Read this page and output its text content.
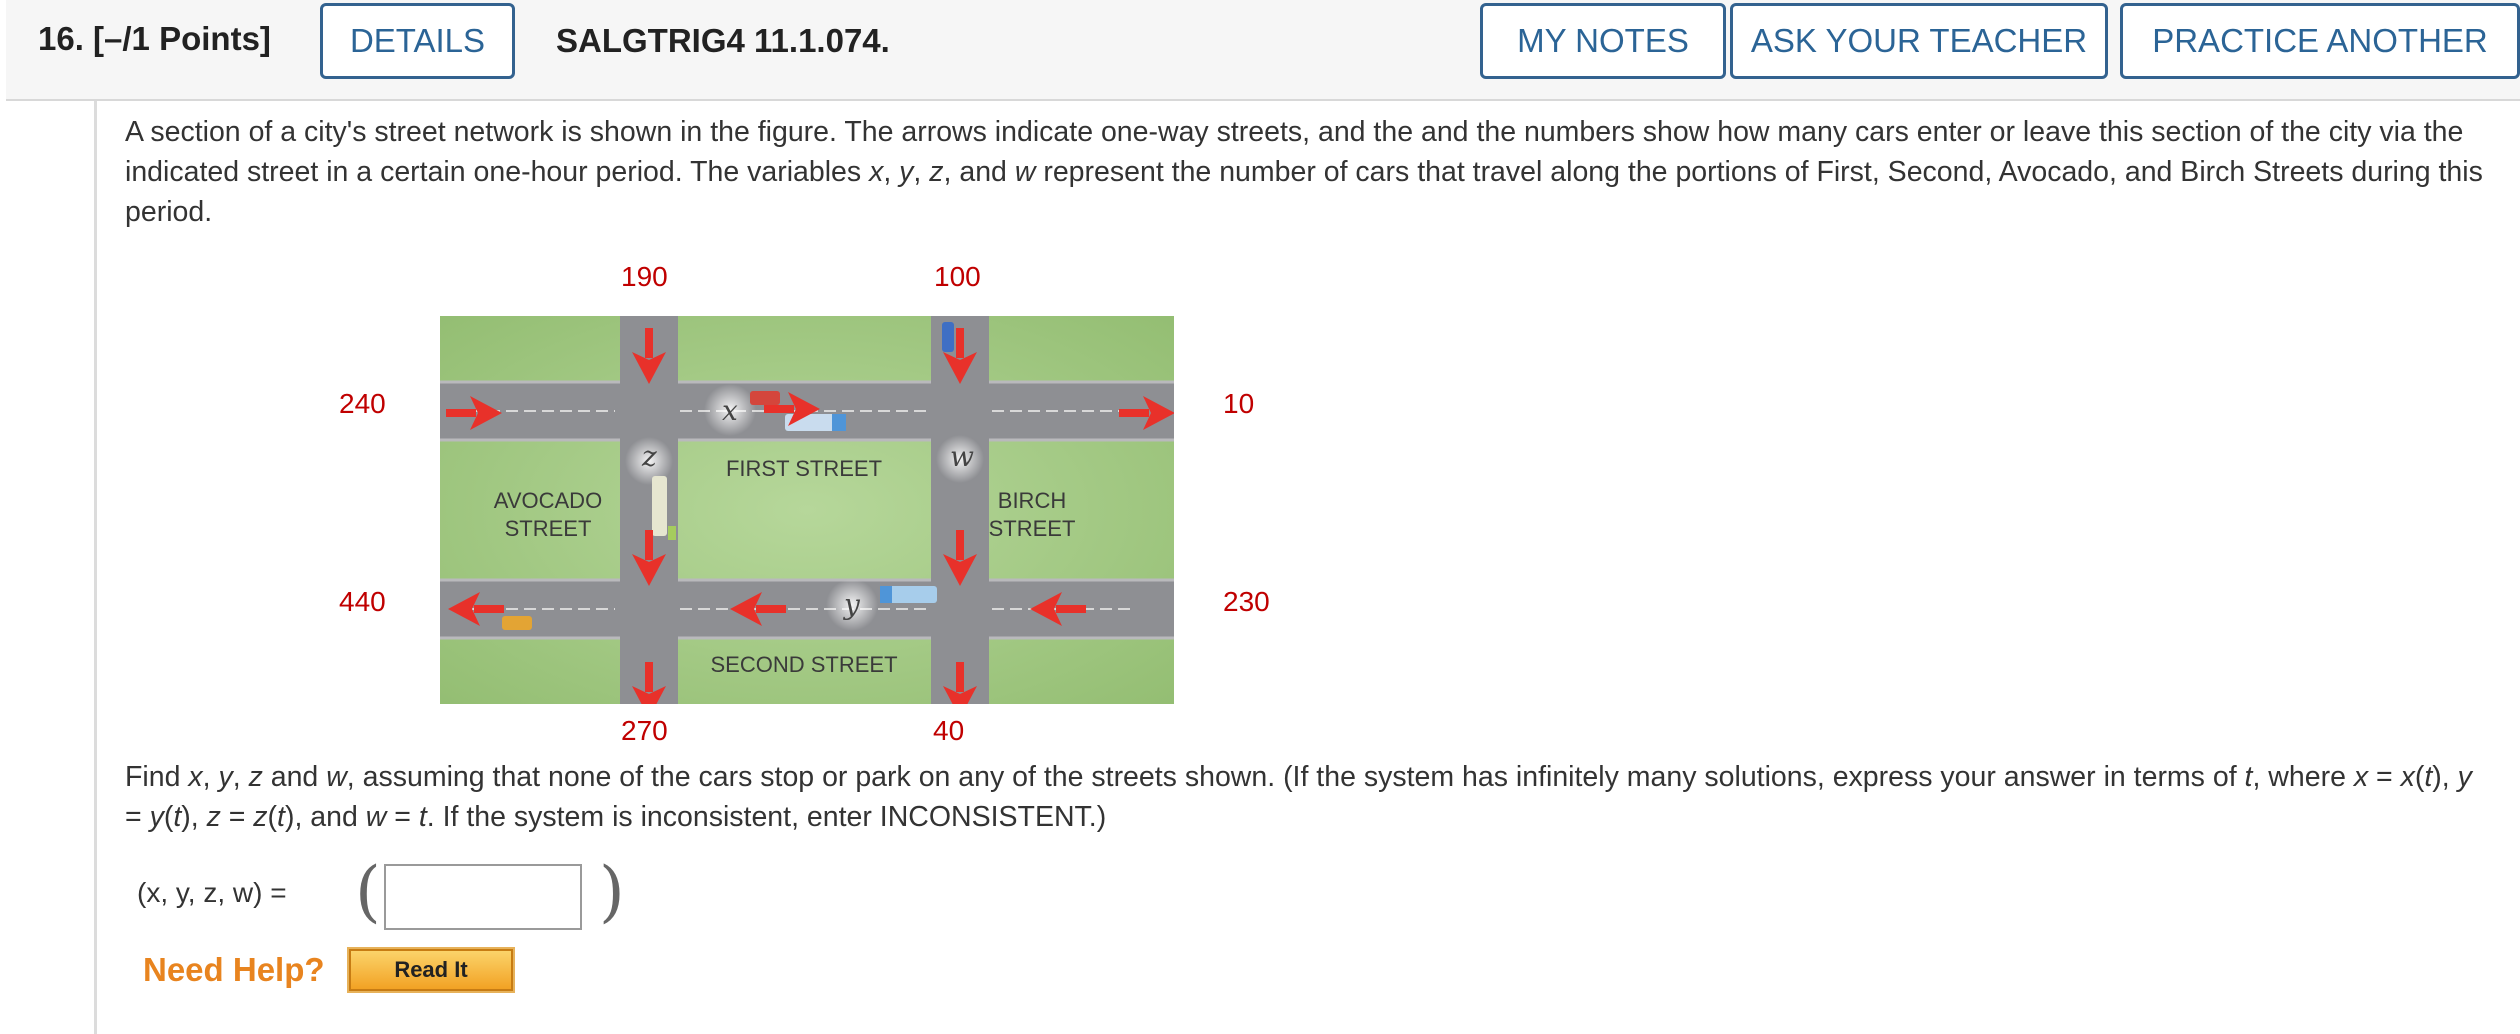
16. [–/1 Points]	DETAILS	SALGTRIG4 11.1.074.	MY NOTES	ASK YOUR TEACHER	PRACTICE ANOTHER

A section of a city's street network is shown in the figure. The arrows indicate one-way streets, and the and the numbers show how many cars enter or leave this section of the city via the indicated street in a certain one-hour period. The variables x, y, z, and w represent the number of cars that travel along the portions of First, Second, Avocado, and Birch Streets during this period.

190	100
240	10
440	230
270	40
x
z	w
y
FIRST STREET
AVOCADO
STREET
BIRCH
STREET
SECOND STREET

Find x, y, z and w, assuming that none of the cars stop or park on any of the streets shown. (If the system has infinitely many solutions, express your answer in terms of t, where x = x(t), y = y(t), z = z(t), and w = t. If the system is inconsistent, enter INCONSISTENT.)

(x, y, z, w) = (	)
Need Help?	Read It
